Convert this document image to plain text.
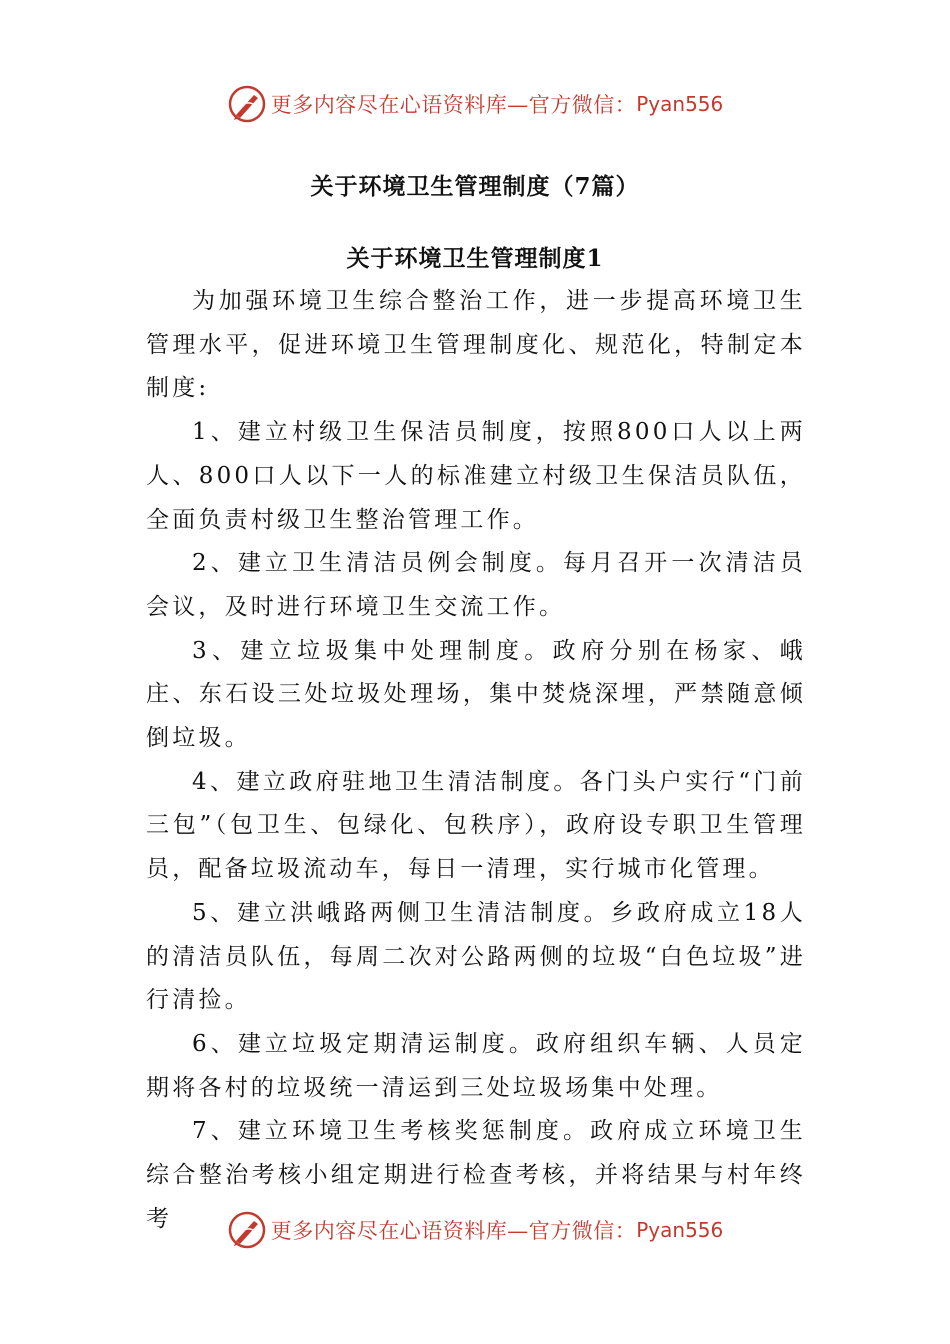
更多内容尽在心语资料库—官方微信： Pyan556
关于环境卫生管理制度（7篇）
关于环境卫生管理制度1

为加强环境卫生综合整治工作，进一步提高环境卫生管理水平，促进环境卫生管理制度化、规范化，特制定本制度:

1、建立村级卫生保洁员制度，按照800口人以上两人、800口人以下一人的标准建立村级卫生保洁员队伍，全面负责村级卫生整治管理工作。

2、建立卫生清洁员例会制度。每月召开一次清洁员会议，及时进行环境卫生交流工作。

3、建立垃圾集中处理制度。政府分别在杨家、峨庄、东石设三处垃圾处理场，集中焚烧深埋，严禁随意倾倒垃圾。

4、建立政府驻地卫生清洁制度。各门头户实行“门前三包”（包卫生、包绿化、包秩序），政府设专职卫生管理员，配备垃圾流动车，每日一清理，实行城市化管理。

5、建立洪峨路两侧卫生清洁制度。乡政府成立18人的清洁员队伍，每周二次对公路两侧的垃圾“白色垃圾”进行清捡。

6、建立垃圾定期清运制度。政府组织车辆、人员定期将各村的垃圾统一清运到三处垃圾场集中处理。

7、建立环境卫生考核奖惩制度。政府成立环境卫生综合整治考核小组定期进行检查考核，并将结果与村年终考	更多内容尽在心语资料库—官方微信： Pyan556
